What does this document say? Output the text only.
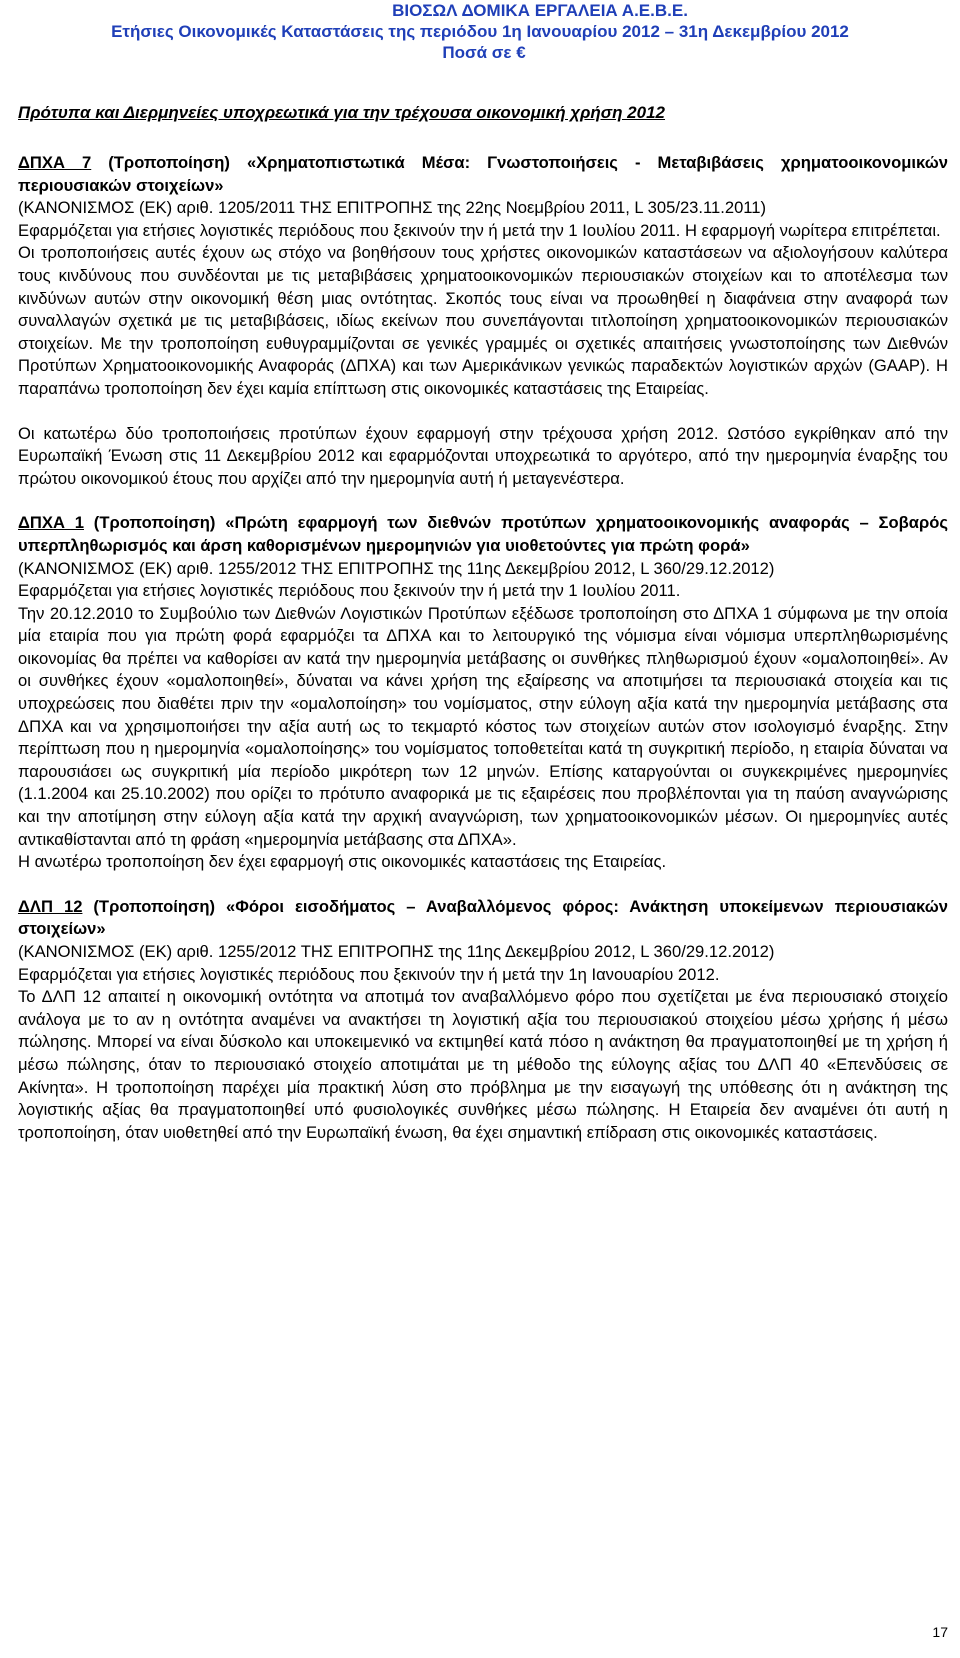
ΒΙΟΣΩΛ ΔΟΜΙΚΑ ΕΡΓΑΛΕΙΑ Α.Ε.Β.Ε.
Ετήσιες Οικονομικές Καταστάσεις της περιόδου 1η Ιανουαρίου 2012 – 31η Δεκεμβρίου 2012
Ποσά σε €
Πρότυπα και Διερμηνείες υποχρεωτικά για την τρέχουσα οικονομική χρήση 2012

ΔΠΧΑ 7 (Τροποποίηση) «Χρηματοπιστωτικά Μέσα: Γνωστοποιήσεις - Μεταβιβάσεις χρηματοοικονομικών περιουσιακών στοιχείων»

(ΚΑΝΟΝΙΣΜΟΣ (ΕΚ) αριθ. 1205/2011 ΤΗΣ ΕΠΙΤΡΟΠΗΣ της 22ης Νοεμβρίου 2011, L 305/23.11.2011)

Εφαρμόζεται για ετήσιες λογιστικές περιόδους που ξεκινούν την ή μετά την 1 Ιουλίου 2011. Η εφαρμογή νωρίτερα επιτρέπεται.

Οι τροποποιήσεις αυτές έχουν ως στόχο να βοηθήσουν τους χρήστες οικονομικών καταστάσεων να αξιολογήσουν καλύτερα τους κινδύνους που συνδέονται με τις μεταβιβάσεις χρηματοοικονομικών περιουσιακών στοιχείων και το αποτέλεσμα των κινδύνων αυτών στην οικονομική θέση μιας οντότητας. Σκοπός τους είναι να προωθηθεί η διαφάνεια στην αναφορά των συναλλαγών σχετικά με τις μεταβιβάσεις, ιδίως εκείνων που συνεπάγονται τιτλοποίηση χρηματοοικονομικών περιουσιακών στοιχείων. Με την τροποποίηση ευθυγραμμίζονται σε γενικές γραμμές οι σχετικές απαιτήσεις γνωστοποίησης των Διεθνών Προτύπων Χρηματοοικονομικής Αναφοράς (ΔΠΧΑ) και των Αμερικάνικων γενικώς παραδεκτών λογιστικών αρχών (GAAP). Η παραπάνω τροποποίηση δεν έχει καμία επίπτωση στις οικονομικές καταστάσεις της Εταιρείας.

Οι κατωτέρω δύο τροποποιήσεις προτύπων έχουν εφαρμογή στην τρέχουσα χρήση 2012. Ωστόσο εγκρίθηκαν από την Ευρωπαϊκή Ένωση στις 11 Δεκεμβρίου 2012 και εφαρμόζονται υποχρεωτικά το αργότερο, από την ημερομηνία έναρξης του πρώτου οικονομικού έτους που αρχίζει από την ημερομηνία αυτή ή μεταγενέστερα.

ΔΠΧΑ 1 (Τροποποίηση) «Πρώτη εφαρμογή των διεθνών προτύπων χρηματοοικονομικής αναφοράς – Σοβαρός υπερπληθωρισμός και άρση καθορισμένων ημερομηνιών για υιοθετούντες για πρώτη φορά»

(ΚΑΝΟΝΙΣΜΟΣ (ΕΚ) αριθ. 1255/2012 ΤΗΣ ΕΠΙΤΡΟΠΗΣ της 11ης Δεκεμβρίου 2012, L 360/29.12.2012)

Εφαρμόζεται για ετήσιες λογιστικές περιόδους που ξεκινούν την ή μετά την 1 Ιουλίου 2011.

Την 20.12.2010 το Συμβούλιο των Διεθνών Λογιστικών Προτύπων εξέδωσε τροποποίηση στο ΔΠΧΑ 1 σύμφωνα με την οποία μία εταιρία που για πρώτη φορά εφαρμόζει τα ΔΠΧΑ και το λειτουργικό της νόμισμα είναι νόμισμα υπερπληθωρισμένης οικονομίας θα πρέπει να καθορίσει αν κατά την ημερομηνία μετάβασης οι συνθήκες πληθωρισμού έχουν «ομαλοποιηθεί». Αν οι συνθήκες έχουν «ομαλοποιηθεί», δύναται να κάνει χρήση της εξαίρεσης να αποτιμήσει τα περιουσιακά στοιχεία και τις υποχρεώσεις που διαθέτει πριν την «ομαλοποίηση» του νομίσματος, στην εύλογη αξία κατά την ημερομηνία μετάβασης στα ΔΠΧΑ και να χρησιμοποιήσει την αξία αυτή ως το τεκμαρτό κόστος των στοιχείων αυτών στον ισολογισμό έναρξης. Στην περίπτωση που η ημερομηνία «ομαλοποίησης» του νομίσματος τοποθετείται κατά τη συγκριτική περίοδο, η εταιρία δύναται να παρουσιάσει ως συγκριτική μία περίοδο μικρότερη των 12 μηνών. Επίσης καταργούνται οι συγκεκριμένες ημερομηνίες (1.1.2004 και 25.10.2002) που ορίζει το πρότυπο αναφορικά με τις εξαιρέσεις που προβλέπονται για τη παύση αναγνώρισης και την αποτίμηση στην εύλογη αξία κατά την αρχική αναγνώριση, των χρηματοοικονομικών μέσων. Οι ημερομηνίες αυτές αντικαθίστανται από τη φράση «ημερομηνία μετάβασης στα ΔΠΧΑ».

Η ανωτέρω τροποποίηση δεν έχει εφαρμογή στις οικονομικές καταστάσεις της Εταιρείας.

ΔΛΠ 12 (Τροποποίηση) «Φόροι εισοδήματος – Αναβαλλόμενος φόρος: Ανάκτηση υποκείμενων περιουσιακών στοιχείων»

(ΚΑΝΟΝΙΣΜΟΣ (ΕΚ) αριθ. 1255/2012 ΤΗΣ ΕΠΙΤΡΟΠΗΣ της 11ης Δεκεμβρίου 2012, L 360/29.12.2012)

Εφαρμόζεται για ετήσιες λογιστικές περιόδους που ξεκινούν την ή μετά την 1η Ιανουαρίου 2012.

Το ΔΛΠ 12 απαιτεί η οικονομική οντότητα να αποτιμά τον αναβαλλόμενο φόρο που σχετίζεται με ένα περιουσιακό στοιχείο ανάλογα με το αν η οντότητα αναμένει να ανακτήσει τη λογιστική αξία του περιουσιακού στοιχείου μέσω χρήσης ή μέσω πώλησης. Μπορεί να είναι δύσκολο και υποκειμενικό να εκτιμηθεί κατά πόσο η ανάκτηση θα πραγματοποιηθεί με τη χρήση ή μέσω πώλησης, όταν το περιουσιακό στοιχείο αποτιμάται με τη μέθοδο της εύλογης αξίας του ΔΛΠ 40 «Επενδύσεις σε Ακίνητα». Η τροποποίηση παρέχει μία πρακτική λύση στο πρόβλημα με την εισαγωγή της υπόθεσης ότι η ανάκτηση της λογιστικής αξίας θα πραγματοποιηθεί υπό φυσιολογικές συνθήκες μέσω πώλησης. Η Εταιρεία δεν αναμένει ότι αυτή η τροποποίηση, όταν υιοθετηθεί από την Ευρωπαϊκή ένωση, θα έχει σημαντική επίδραση στις οικονομικές καταστάσεις.

17
